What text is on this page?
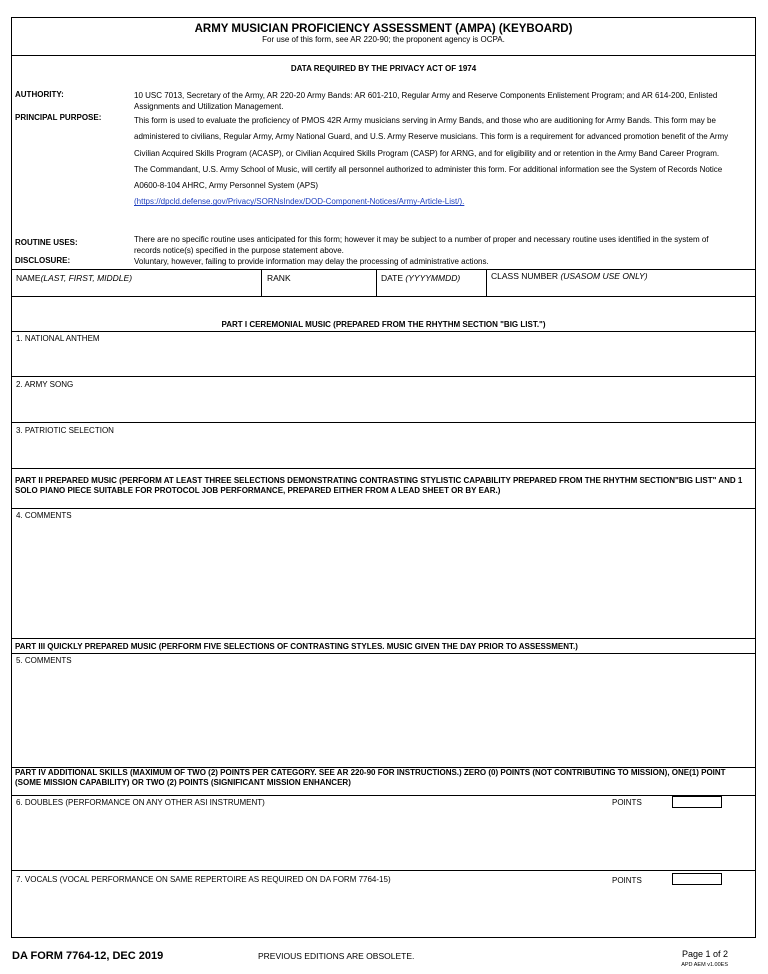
ARMY MUSICIAN PROFICIENCY ASSESSMENT (AMPA) (KEYBOARD)
For use of this form, see AR 220-90; the proponent agency is OCPA.
DATA REQUIRED BY THE PRIVACY ACT OF 1974
AUTHORITY:	10 USC 7013, Secretary of the Army, AR 220-20 Army Bands: AR 601-210, Regular Army and Reserve Components Enlistement Program; and AR 614-200, Enlisted Assignments and Utilization Management.
PRINCIPAL PURPOSE:	This form is used to evaluate the proficiency of PMOS 42R Army musicians serving in Army Bands, and those who are auditioning for Army Bands. This form may be administered to civilians, Regular Army, Army National Guard, and U.S. Army Reserve musicians. This form is a requirement for advanced promotion benefit of the Army Civilian Acquired Skills Program (ACASP), or Civilian Acquired Skills Program (CASP) for ARNG, and for eligibility and or retention in the Army Band Career Program. The Commandant, U.S. Army School of Music, will certify all personnel authorized to administer this form. For additional information see the System of Records Notice A0600-8-104 AHRC, Army Personnel System (APS)
(https://dpcld.defense.gov/Privacy/SORNsIndex/DOD-Component-Notices/Army-Article-List/).
ROUTINE USES:	There are no specific routine uses anticipated for this form; however it may be subject to a number of proper and necessary routine uses identified in the system of records notice(s) specified in the purpose statement above.
DISCLOSURE:	Voluntary, however, failing to provide information may delay the processing of administrative actions.
NAME(LAST, FIRST, MIDDLE)	RANK	DATE (YYYYMMDD)	CLASS NUMBER (USASOM USE ONLY)
PART I CEREMONIAL MUSIC (PREPARED FROM THE RHYTHM SECTION "BIG LIST.")
1. NATIONAL ANTHEM
2. ARMY SONG
3. PATRIOTIC SELECTION
PART II PREPARED MUSIC (PERFORM AT LEAST THREE SELECTIONS DEMONSTRATING CONTRASTING STYLISTIC CAPABILITY PREPARED FROM THE RHYTHM SECTION"BIG LIST" AND 1 SOLO PIANO PIECE SUITABLE FOR PROTOCOL JOB PERFORMANCE, PREPARED EITHER FROM A LEAD SHEET OR BY EAR.)
4. COMMENTS
PART III QUICKLY PREPARED MUSIC (PERFORM FIVE SELECTIONS OF CONTRASTING STYLES. MUSIC GIVEN THE DAY PRIOR TO ASSESSMENT.)
5. COMMENTS
PART IV ADDITIONAL SKILLS (MAXIMUM OF TWO (2) POINTS PER CATEGORY. SEE AR 220-90 FOR INSTRUCTIONS.) ZERO (0) POINTS (NOT CONTRIBUTING TO MISSION), ONE(1) POINT (SOME MISSION CAPABILITY) OR TWO (2) POINTS (SIGNIFICANT MISSION ENHANCER)
6. DOUBLES (PERFORMANCE ON ANY OTHER ASI INSTRUMENT)	POINTS
7. VOCALS (VOCAL PERFORMANCE ON SAME REPERTOIRE AS REQUIRED ON DA FORM 7764-15)	POINTS
DA FORM 7764-12, DEC 2019	PREVIOUS EDITIONS ARE OBSOLETE.	Page 1 of 2
APD AEM v1.00ES
